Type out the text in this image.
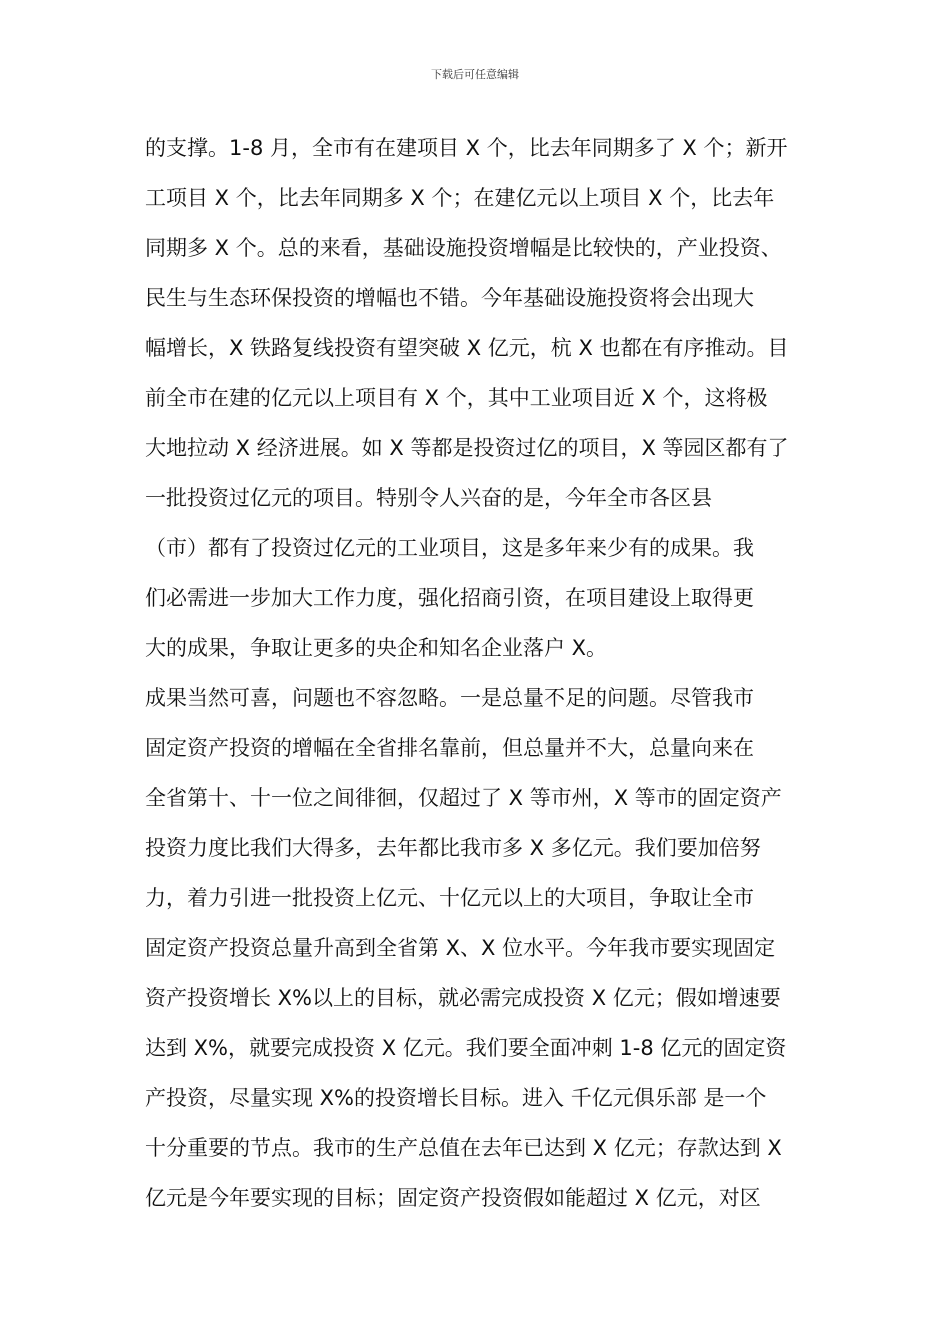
下载后可任意编辑
的支撑。1-8 月，全市有在建项目 X 个，比去年同期多了 X 个；新开
工项目 X 个，比去年同期多 X 个；在建亿元以上项目 X 个，比去年
同期多 X 个。总的来看，基础设施投资增幅是比较快的，产业投资、
民生与生态环保投资的增幅也不错。今年基础设施投资将会出现大
幅增长，X 铁路复线投资有望突破 X 亿元，杭 X 也都在有序推动。目
前全市在建的亿元以上项目有 X 个，其中工业项目近 X 个，这将极
大地拉动 X 经济进展。如 X 等都是投资过亿的项目，X 等园区都有了
一批投资过亿元的项目。特别令人兴奋的是，今年全市各区县
（市）都有了投资过亿元的工业项目，这是多年来少有的成果。我
们必需进一步加大工作力度，强化招商引资，在项目建设上取得更
大的成果，争取让更多的央企和知名企业落户 X。
成果当然可喜，问题也不容忽略。一是总量不足的问题。尽管我市
固定资产投资的增幅在全省排名靠前，但总量并不大，总量向来在
全省第十、十一位之间徘徊，仅超过了 X 等市州，X 等市的固定资产
投资力度比我们大得多，去年都比我市多 X 多亿元。我们要加倍努
力，着力引进一批投资上亿元、十亿元以上的大项目，争取让全市
固定资产投资总量升高到全省第 X、X 位水平。今年我市要实现固定
资产投资增长 X%以上的目标，就必需完成投资 X 亿元；假如增速要
达到 X%，就要完成投资 X 亿元。我们要全面冲刺 1-8 亿元的固定资
产投资，尽量实现 X%的投资增长目标。进入 千亿元俱乐部 是一个
十分重要的节点。我市的生产总值在去年已达到 X 亿元；存款达到 X
亿元是今年要实现的目标；固定资产投资假如能超过 X 亿元，对区
